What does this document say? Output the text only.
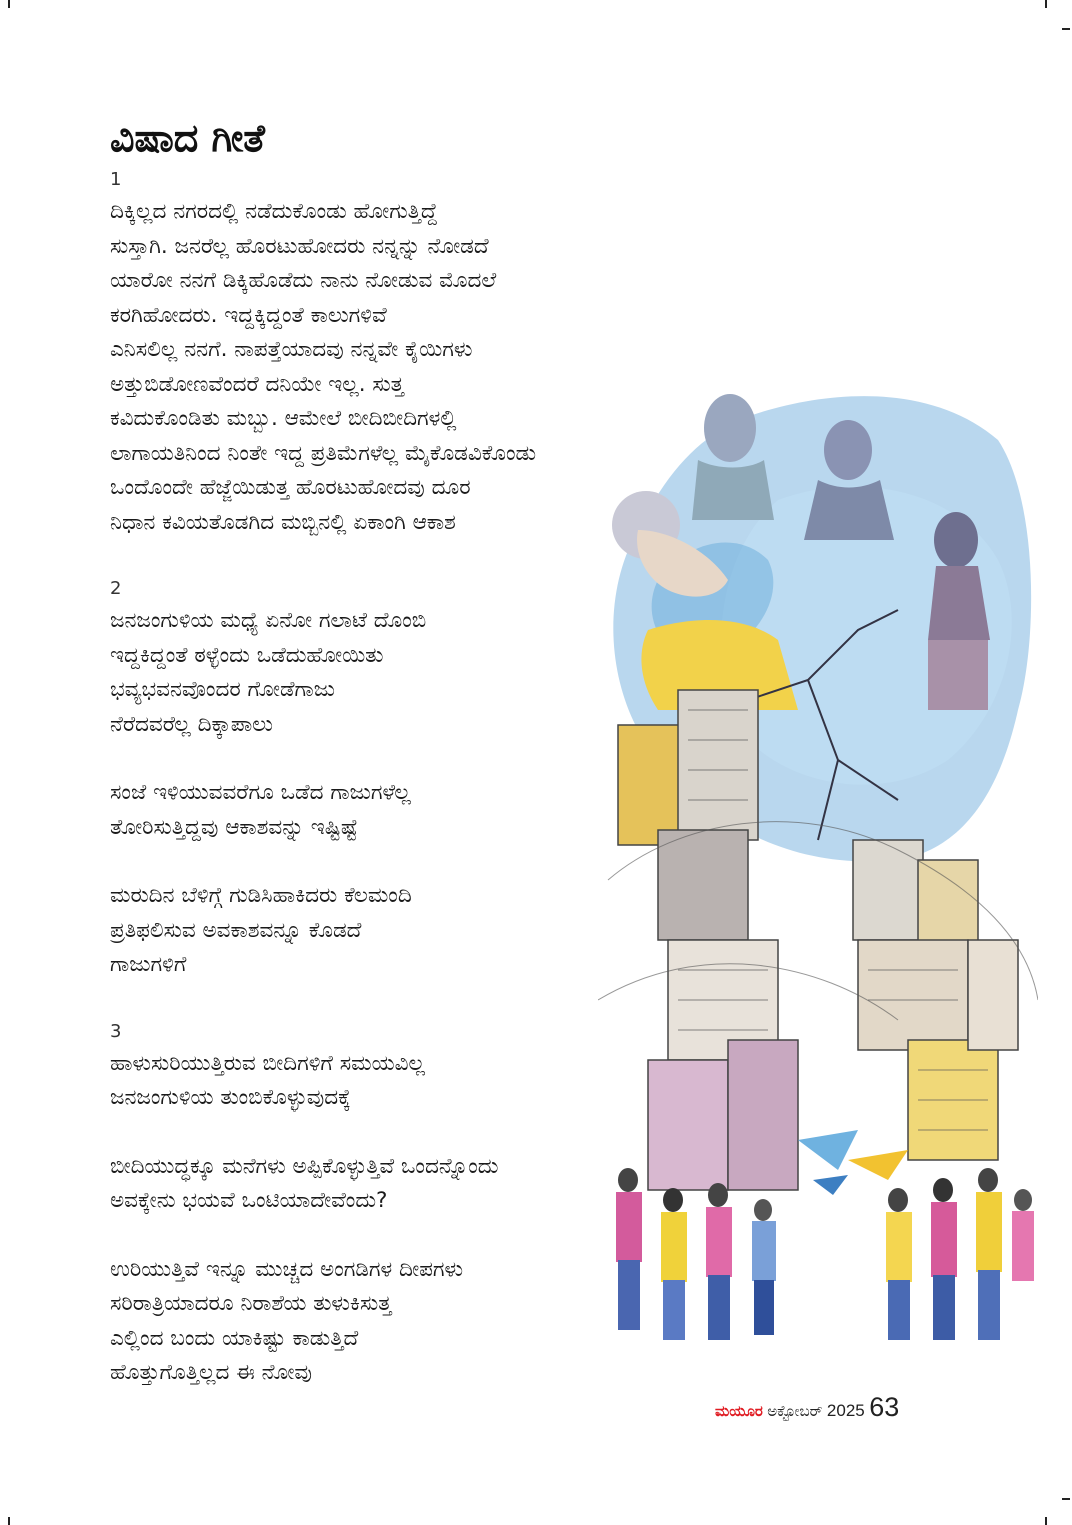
ವಿಷಾದ ಗೀತೆ
1
ದಿಕ್ಕಿಲ್ಲದ ನಗರದಲ್ಲಿ ನಡೆದುಕೊಂಡು ಹೋಗುತ್ತಿದ್ದೆ
ಸುಸ್ತಾಗಿ. ಜನರೆಲ್ಲ ಹೊರಟುಹೋದರು ನನ್ನನ್ನು ನೋಡದೆ
ಯಾರೋ ನನಗೆ ಡಿಕ್ಕಿಹೊಡೆದು ನಾನು ನೋಡುವ ಮೊದಲೆ
ಕರಗಿಹೋದರು. ಇದ್ದಕ್ಕಿದ್ದಂತೆ ಕಾಲುಗಳಿವೆ
ಎನಿಸಲಿಲ್ಲ ನನಗೆ. ನಾಪತ್ತೆಯಾದವು ನನ್ನವೇ ಕೈಯಿಗಳು
ಅತ್ತುಬಿಡೋಣವೆಂದರೆ ದನಿಯೇ ಇಲ್ಲ. ಸುತ್ತ
ಕವಿದುಕೊಂಡಿತು ಮಬ್ಬು. ಆಮೇಲೆ ಬೀದಿಬೀದಿಗಳಲ್ಲಿ
ಲಾಗಾಯತಿನಿಂದ ನಿಂತೇ ಇದ್ದ ಪ್ರತಿಮೆಗಳೆಲ್ಲ ಮೈಕೊಡವಿಕೊಂಡು
ಒಂದೊಂದೇ ಹೆಜ್ಜೆಯಿಡುತ್ತ ಹೊರಟುಹೋದವು ದೂರ
ನಿಧಾನ ಕವಿಯತೊಡಗಿದ ಮಬ್ಬಿನಲ್ಲಿ ಏಕಾಂಗಿ ಆಕಾಶ
2
ಜನಜಂಗುಳಿಯ ಮಧ್ಯೆ ಏನೋ ಗಲಾಟೆ ದೊಂಬಿ
ಇದ್ದಕಿದ್ದಂತೆ ಠಳ್ಳೆಂದು ಒಡೆದುಹೋಯಿತು
ಭವ್ಯಭವನವೊಂದರ ಗೋಡೆಗಾಜು
ನೆರೆದವರೆಲ್ಲ ದಿಕ್ಕಾಪಾಲು
ಸಂಜೆ ಇಳಿಯುವವರೆಗೂ ಒಡೆದ ಗಾಜುಗಳೆಲ್ಲ
ತೋರಿಸುತ್ತಿದ್ದವು ಆಕಾಶವನ್ನು ಇಷ್ಟಿಷ್ಟೆ
ಮರುದಿನ ಬೆಳಿಗ್ಗೆ ಗುಡಿಸಿಹಾಕಿದರು ಕೆಲಮಂದಿ
ಪ್ರತಿಫಲಿಸುವ ಅವಕಾಶವನ್ನೂ ಕೊಡದೆ
ಗಾಜುಗಳಿಗೆ
3
ಹಾಳುಸುರಿಯುತ್ತಿರುವ ಬೀದಿಗಳಿಗೆ ಸಮಯವಿಲ್ಲ
ಜನಜಂಗುಳಿಯ ತುಂಬಿಕೊಳ್ಳುವುದಕ್ಕೆ
ಬೀದಿಯುದ್ಧಕ್ಕೂ ಮನೆಗಳು ಅಪ್ಪಿಕೊಳ್ಳುತ್ತಿವೆ ಒಂದನ್ನೊಂದು
ಅವಕ್ಕೇನು ಭಯವೆ ಒಂಟಿಯಾದೇವೆಂದು?
ಉರಿಯುತ್ತಿವೆ ಇನ್ನೂ ಮುಚ್ಚದ ಅಂಗಡಿಗಳ ದೀಪಗಳು
ಸರಿರಾತ್ರಿಯಾದರೂ ನಿರಾಶೆಯ ತುಳುಕಿಸುತ್ತ
ಎಲ್ಲಿಂದ ಬಂದು ಯಾಕಿಷ್ಟು ಕಾಡುತ್ತಿದೆ
ಹೊತ್ತುಗೊತ್ತಿಲ್ಲದ ಈ ನೋವು
ಮಯೂರ ಅಕ್ಟೋಬರ್ 2025 63
